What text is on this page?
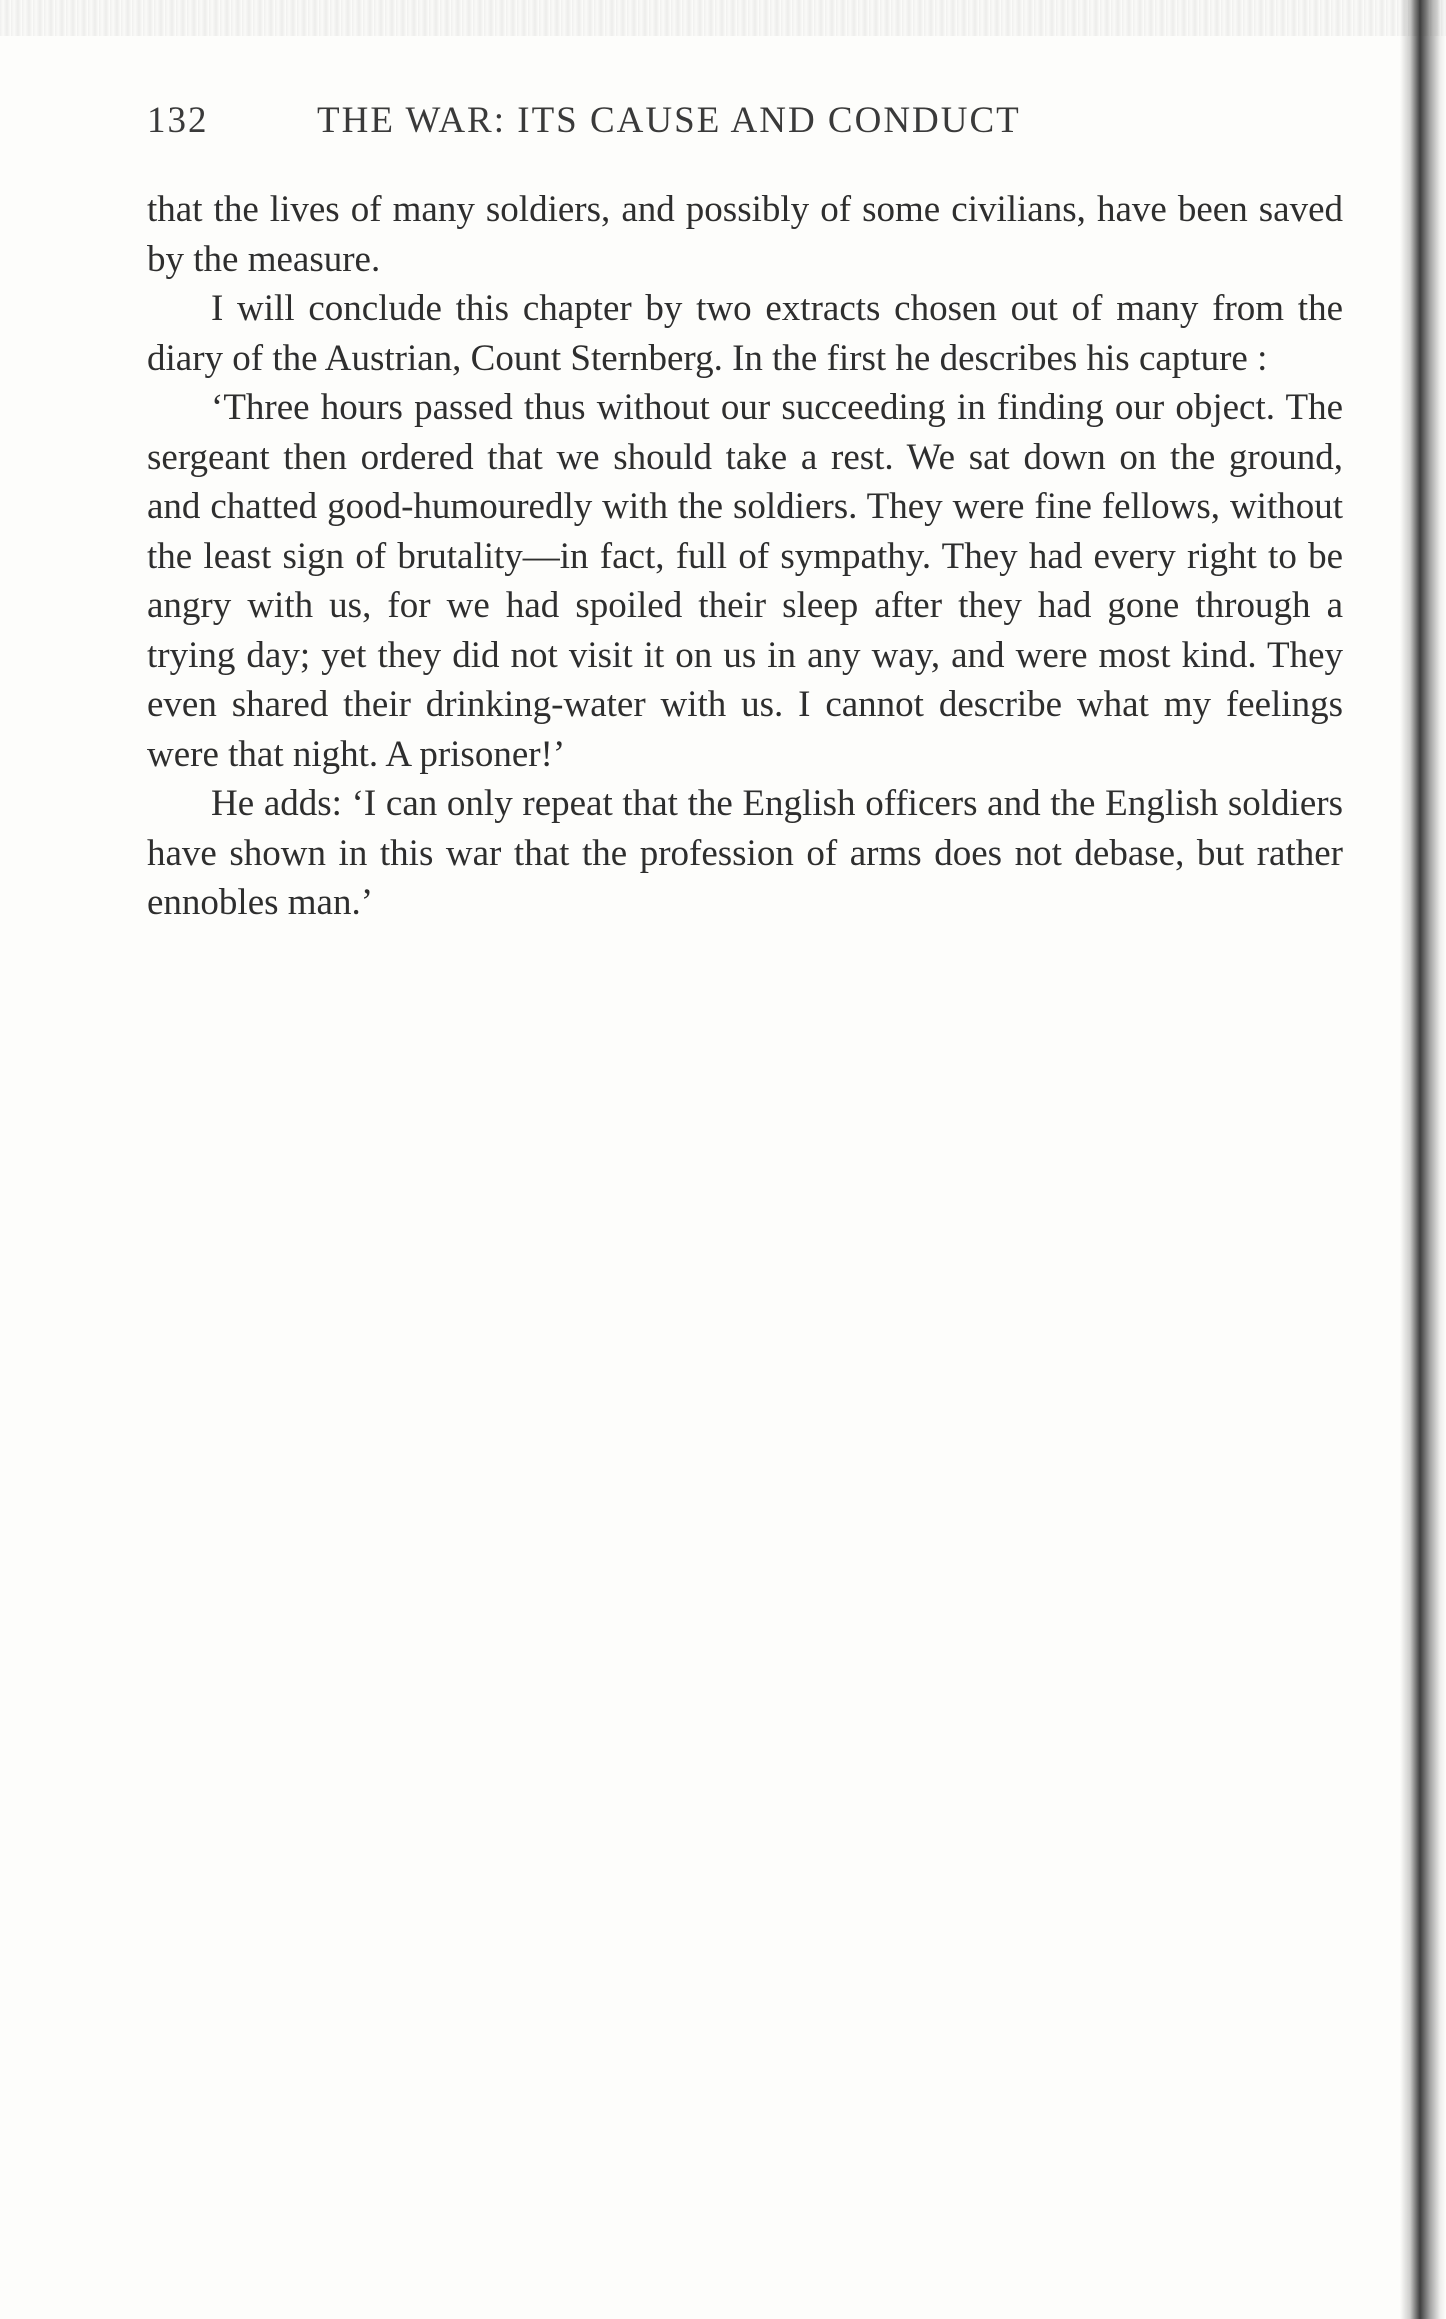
132	THE WAR: ITS CAUSE AND CONDUCT

that the lives of many soldiers, and possibly of some civilians, have been saved by the measure.

I will conclude this chapter by two extracts chosen out of many from the diary of the Austrian, Count Sternberg. In the first he describes his capture :

‘Three hours passed thus without our succeeding in finding our object. The sergeant then ordered that we should take a rest. We sat down on the ground, and chatted good-humouredly with the soldiers. They were fine fellows, without the least sign of brutality—in fact, full of sympathy. They had every right to be angry with us, for we had spoiled their sleep after they had gone through a trying day; yet they did not visit it on us in any way, and were most kind. They even shared their drinking-water with us. I cannot describe what my feelings were that night. A prisoner!’

He adds: ‘I can only repeat that the English officers and the English soldiers have shown in this war that the profession of arms does not debase, but rather ennobles man.’
